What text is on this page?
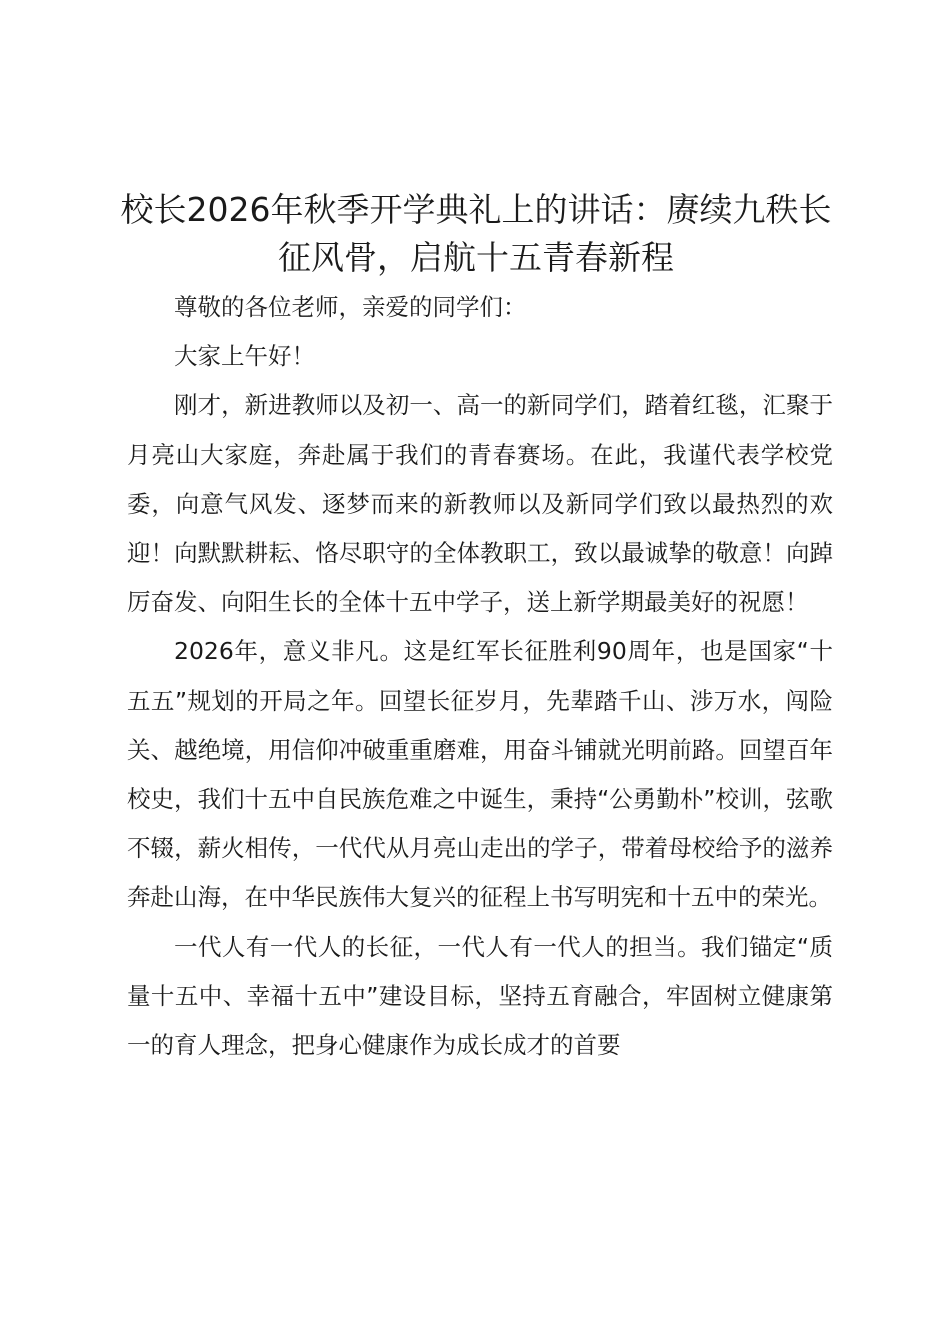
校长2026年秋季开学典礼上的讲话：赓续九秩长征风骨，启航十五青春新程

尊敬的各位老师，亲爱的同学们：

大家上午好！

刚才，新进教师以及初一、高一的新同学们，踏着红毯，汇聚于月亮山大家庭，奔赴属于我们的青春赛场。在此，我谨代表学校党委，向意气风发、逐梦而来的新教师以及新同学们致以最热烈的欢迎！向默默耕耘、恪尽职守的全体教职工，致以最诚挚的敬意！向踔厉奋发、向阳生长的全体十五中学子，送上新学期最美好的祝愿！

2026年，意义非凡。这是红军长征胜利90周年，也是国家“十五五”规划的开局之年。回望长征岁月，先辈踏千山、涉万水，闯险关、越绝境，用信仰冲破重重磨难，用奋斗铺就光明前路。回望百年校史，我们十五中自民族危难之中诞生，秉持“公勇勤朴”校训，弦歌不辍，薪火相传，一代代从月亮山走出的学子，带着母校给予的滋养奔赴山海，在中华民族伟大复兴的征程上书写明宪和十五中的荣光。

一代人有一代人的长征，一代人有一代人的担当。我们锚定“质量十五中、幸福十五中”建设目标，坚持五育融合，牢固树立健康第一的育人理念，把身心健康作为成长成才的首要
